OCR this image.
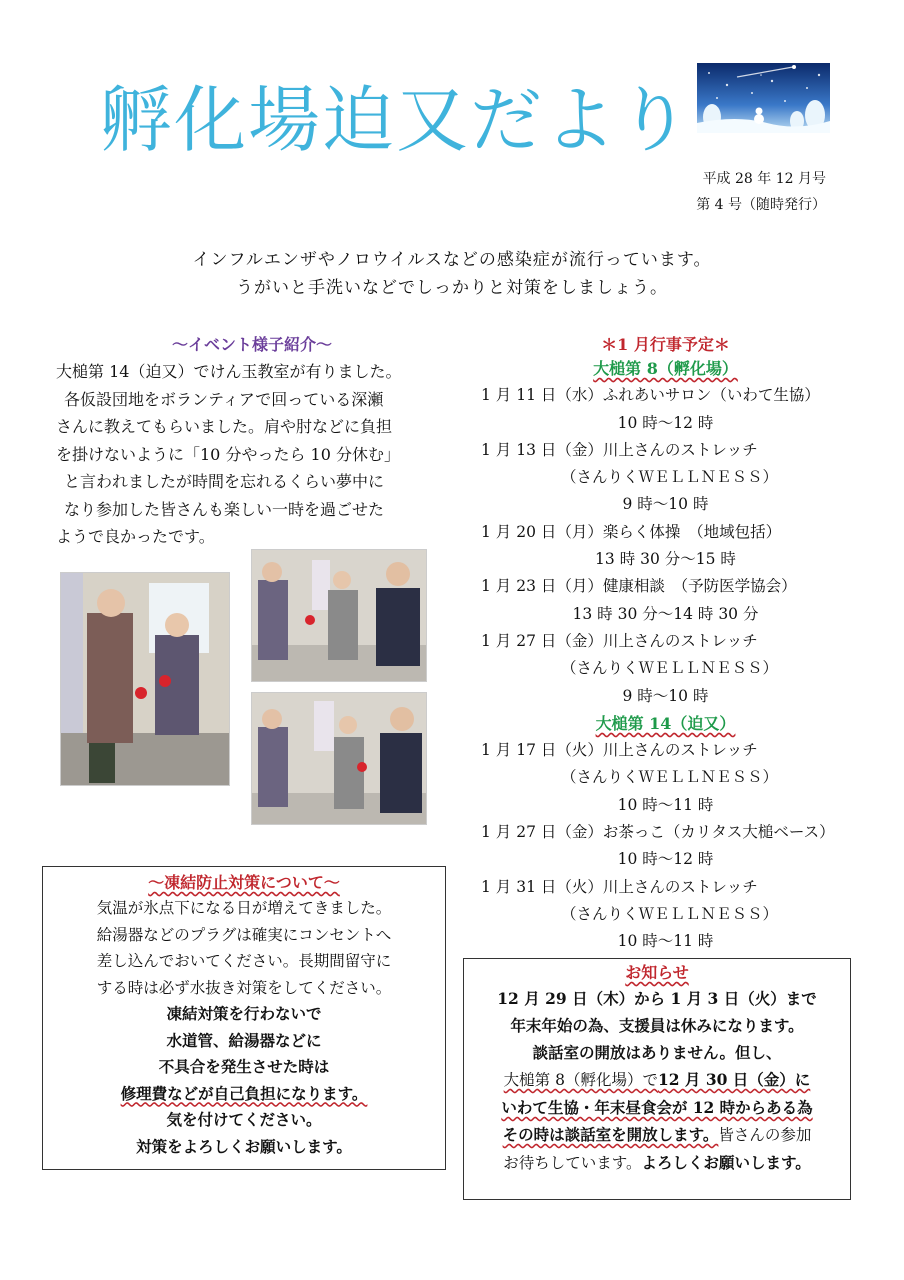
孵化場迫又だより
平成 28 年 12 月号
第 4 号（随時発行）
インフルエンザやノロウイルスなどの感染症が流行っています。
うがいと手洗いなどでしっかりと対策をしましょう。
～イベント様子紹介～
大槌第 14（迫又）でけん玉教室が有りました。
各仮設団地をボランティアで回っている深瀬
さんに教えてもらいました。肩や肘などに負担
を掛けないように「10 分やったら 10 分休む」
と言われましたが時間を忘れるくらい夢中に
なり参加した皆さんも楽しい一時を過ごせた
ようで良かったです。
～凍結防止対策について～
気温が氷点下になる日が増えてきました。
給湯器などのプラグは確実にコンセントへ
差し込んでおいてください。長期間留守に
する時は必ず水抜き対策をしてください。
凍結対策を行わないで
水道管、給湯器などに
不具合を発生させた時は
修理費などが自己負担になります。
気を付けてください。
対策をよろしくお願いします。
＊1 月行事予定＊
大槌第 8（孵化場）
1 月 11 日（水）ふれあいサロン（いわて生協）
10 時～12 時
1 月 13 日（金）川上さんのストレッチ
（さんりくＷＥＬＬＮＥＳＳ）
9 時～10 時
1 月 20 日（月）楽らく体操　（地域包括）
13 時 30 分～15 時
1 月 23 日（月）健康相談　（予防医学協会）
13 時 30 分～14 時 30 分
1 月 27 日（金）川上さんのストレッチ
（さんりくＷＥＬＬＮＥＳＳ）
9 時～10 時
大槌第 14（迫又）
1 月 17 日（火）川上さんのストレッチ
（さんりくＷＥＬＬＮＥＳＳ）
10 時～11 時
1 月 27 日（金）お茶っこ（カリタス大槌ベース）
10 時～12 時
1 月 31 日（火）川上さんのストレッチ
（さんりくＷＥＬＬＮＥＳＳ）
10 時～11 時
お知らせ
12 月 29 日（木）から 1 月 3 日（火）まで
年末年始の為、支援員は休みになります。
談話室の開放はありません。但し、
大槌第 8（孵化場）で12 月 30 日（金）に
いわて生協・年末昼食会が 12 時からある為
その時は談話室を開放します。皆さんの参加
お待ちしています。よろしくお願いします。
